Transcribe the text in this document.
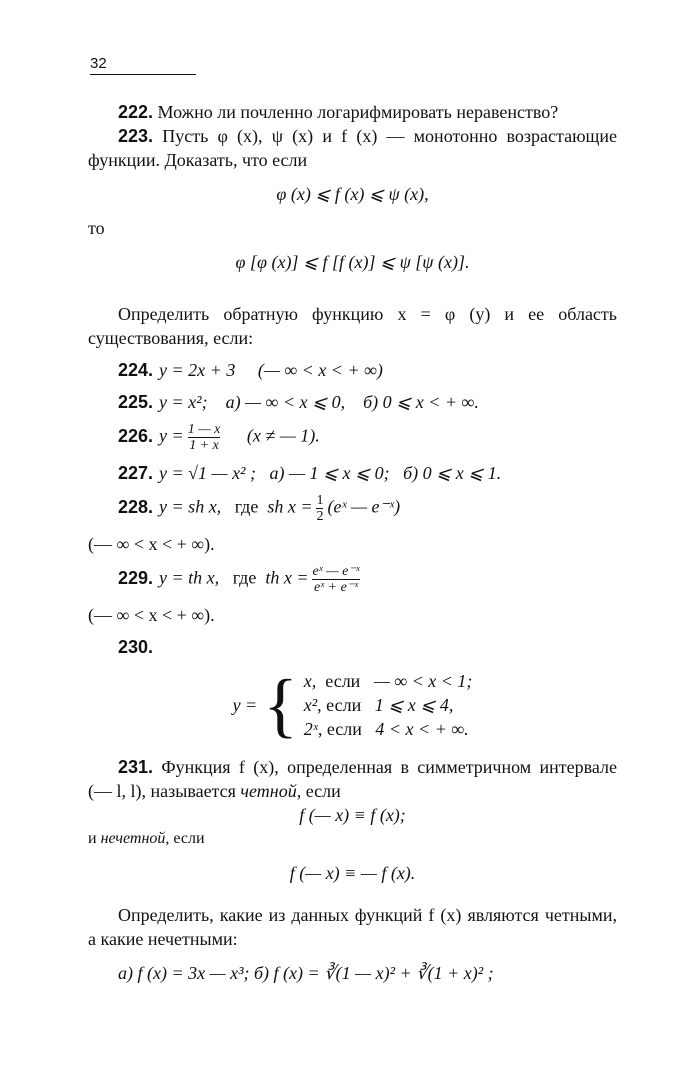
32

222. Можно ли почленно логарифмировать неравенство?

223. Пусть φ (x), ψ (x) и f (x) — монотонно возрастающие функции. Доказать, что если

φ (x) ⩽ f (x) ⩽ ψ (x),

то

φ [φ (x)] ⩽ f [f (x)] ⩽ ψ [ψ (x)].

Определить обратную функцию x = φ (y) и ее область существования, если:

224. y = 2x + 3 (— ∞ < x < + ∞)
225. y = x²; а) — ∞ < x ⩽ 0, б) 0 ⩽ x < + ∞.
226. $y = \frac{1 — x}{1 + x} (x$ ≠ — 1).
227. y = √1 — x² ; а) — 1 ⩽ x ⩽ 0; б) 0 ⩽ x ⩽ 1.
228. y = sh x, где sh $x = \frac{1}{2}$ (eˣ — e⁻ˣ)
(— ∞ < x < + ∞).
229. y = th x, где th $x = \frac{\text{eˣ — e⁻ˣ}}{\text{eˣ + e⁻ˣ}}$
(— ∞ < x < + ∞).
230.
y = { x, если — ∞ < x < 1;
x², если 1 ⩽ x ⩽ 4,
2ˣ, если 4 < x < + ∞.

231. Функция f (x), определенная в симметричном интервале (— l, l), называется четной, если

f (— x) ≡ f (x);

и нечетной, если

f (— x) ≡ — f (x).

Определить, какие из данных функций f (x) являются четными, а какие нечетными:

а) f (x) = 3x — x³; б) f (x) = ∛(1 — x)² + ∛(1 + x)² ;
